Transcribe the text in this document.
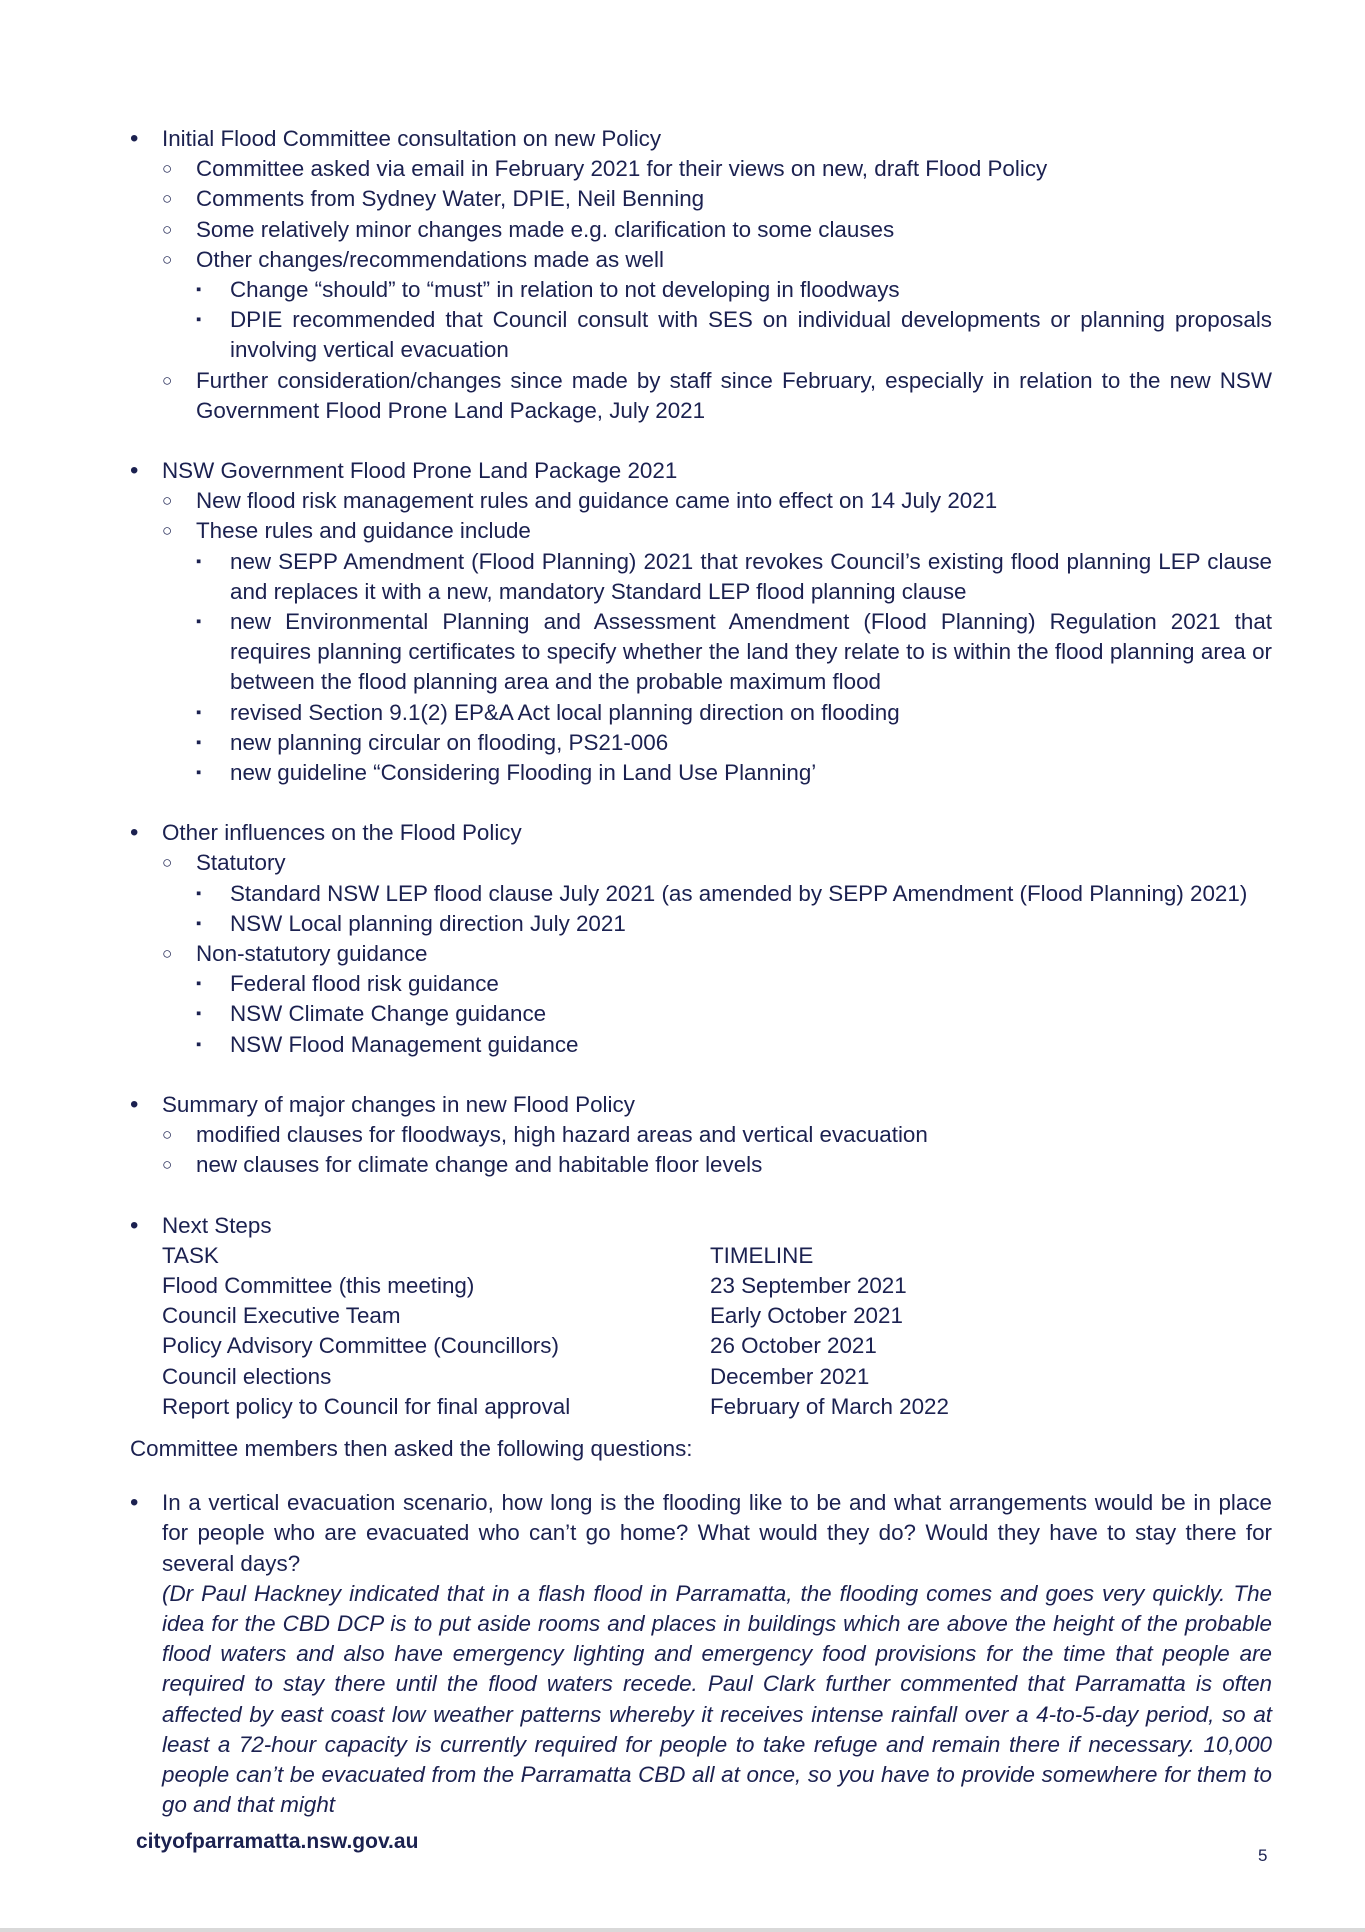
•	Initial Flood Committee consultation on new Policy
○	Committee asked via email in February 2021 for their views on new, draft Flood Policy
○	Comments from Sydney Water, DPIE, Neil Benning
○	Some relatively minor changes made e.g. clarification to some clauses
○	Other changes/recommendations made as well
▪	Change “should” to “must” in relation to not developing in floodways
▪	DPIE recommended that Council consult with SES on individual developments or planning proposals involving vertical evacuation
○	Further consideration/changes since made by staff since February, especially in relation to the new NSW Government Flood Prone Land Package, July 2021
•	NSW Government Flood Prone Land Package 2021
○	New flood risk management rules and guidance came into effect on 14 July 2021
○	These rules and guidance include
▪	new SEPP Amendment (Flood Planning) 2021 that revokes Council’s existing flood planning LEP clause and replaces it with a new, mandatory Standard LEP flood planning clause
▪	new Environmental Planning and Assessment Amendment (Flood Planning) Regulation 2021 that requires planning certificates to specify whether the land they relate to is within the flood planning area or between the flood planning area and the probable maximum flood
▪	revised Section 9.1(2) EP&A Act local planning direction on flooding
▪	new planning circular on flooding, PS21-006
▪	new guideline “Considering Flooding in Land Use Planning’
•	Other influences on the Flood Policy
○	Statutory
▪	Standard NSW LEP flood clause July 2021 (as amended by SEPP Amendment (Flood Planning) 2021)
▪	NSW Local planning direction July 2021
○	Non-statutory guidance
▪	Federal flood risk guidance
▪	NSW Climate Change guidance
▪	NSW Flood Management guidance
•	Summary of major changes in new Flood Policy
○	modified clauses for floodways, high hazard areas and vertical evacuation
○	new clauses for climate change and habitable floor levels
•	Next Steps
TASK	TIMELINE
Flood Committee (this meeting)	23 September 2021
Council Executive Team	Early October 2021
Policy Advisory Committee (Councillors)	26 October 2021
Council elections	December 2021
Report policy to Council for final approval	February of March 2022

Committee members then asked the following questions:

•	In a vertical evacuation scenario, how long is the flooding like to be and what arrangements would be in place for people who are evacuated who can’t go home? What would they do? Would they have to stay there for several days?
(Dr Paul Hackney indicated that in a flash flood in Parramatta, the flooding comes and goes very quickly. The idea for the CBD DCP is to put aside rooms and places in buildings which are above the height of the probable flood waters and also have emergency lighting and emergency food provisions for the time that people are required to stay there until the flood waters recede. Paul Clark further commented that Parramatta is often affected by east coast low weather patterns whereby it receives intense rainfall over a 4-to-5-day period, so at least a 72-hour capacity is currently required for people to take refuge and remain there if necessary. 10,000 people can’t be evacuated from the Parramatta CBD all at once, so you have to provide somewhere for them to go and that might
cityofparramatta.nsw.gov.au
5
